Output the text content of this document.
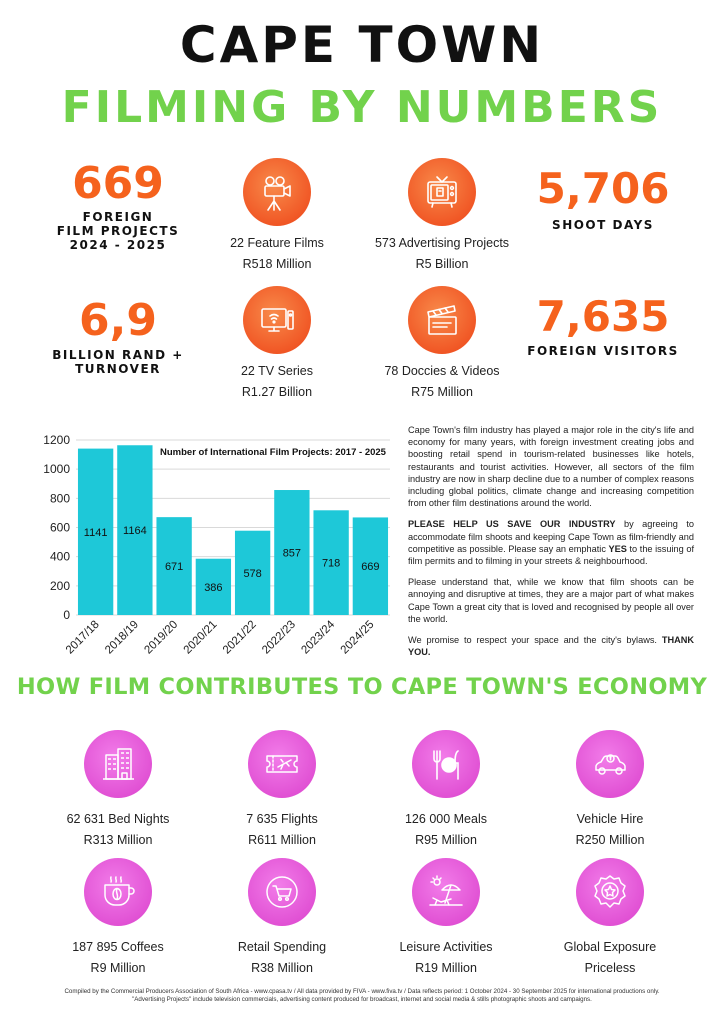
CAPE TOWN
FILMING BY NUMBERS
669
FOREIGN
FILM PROJECTS
2024 - 2025
5,706
SHOOT DAYS
6,9
BILLION RAND +
TURNOVER
7,635
FOREIGN VISITORS
22 Feature Films
R518 Million
573 Advertising Projects
R5 Billion
22 TV Series
R1.27 Billion
78 Doccies & Videos
R75 Million
0
200
400
600
800
1000
1200
1141
2017/18
1164
2018/19
671
2019/20
386
2020/21
578
2021/22
857
2022/23
718
2023/24
669
2024/25
Number of International Film Projects: 2017 - 2025

Cape Town's film industry has played a major role in the city's life and economy for many years, with foreign investment creating jobs and boosting retail spend in tourism-related businesses like hotels, restaurants and tourist activities. However, all sectors of the film industry are now in sharp decline due to a number of complex reasons including global politics, climate change and increasing competition from other film destinations around the world.

PLEASE HELP US SAVE OUR INDUSTRY by agreeing to accommodate film shoots and keeping Cape Town as film-friendly and competitive as possible. Please say an emphatic YES to the issuing of film permits and to filming in your streets & neighbourhood.

Please understand that, while we know that film shoots can be annoying and disruptive at times, they are a major part of what makes Cape Town a great city that is loved and recognised by people all over the world.

We promise to respect your space and the city's bylaws. THANK YOU.

HOW FILM CONTRIBUTES TO CAPE TOWN'S ECONOMY
62 631 Bed Nights
R313 Million
7 635 Flights
R611 Million
126 000 Meals
R95 Million
Vehicle Hire
R250 Million
187 895 Coffees
R9 Million
Retail Spending
R38 Million
Leisure Activities
R19 Million
Global Exposure
Priceless
Compiled by the Commercial Producers Association of South Africa - www.cpasa.tv / All data provided by FIVA - www.fiva.tv / Data reflects period: 1 October 2024 - 30 September 2025 for international productions only.
"Advertising Projects" include television commercials, advertising content produced for broadcast, internet and social media & stills photographic shoots and campaigns.
